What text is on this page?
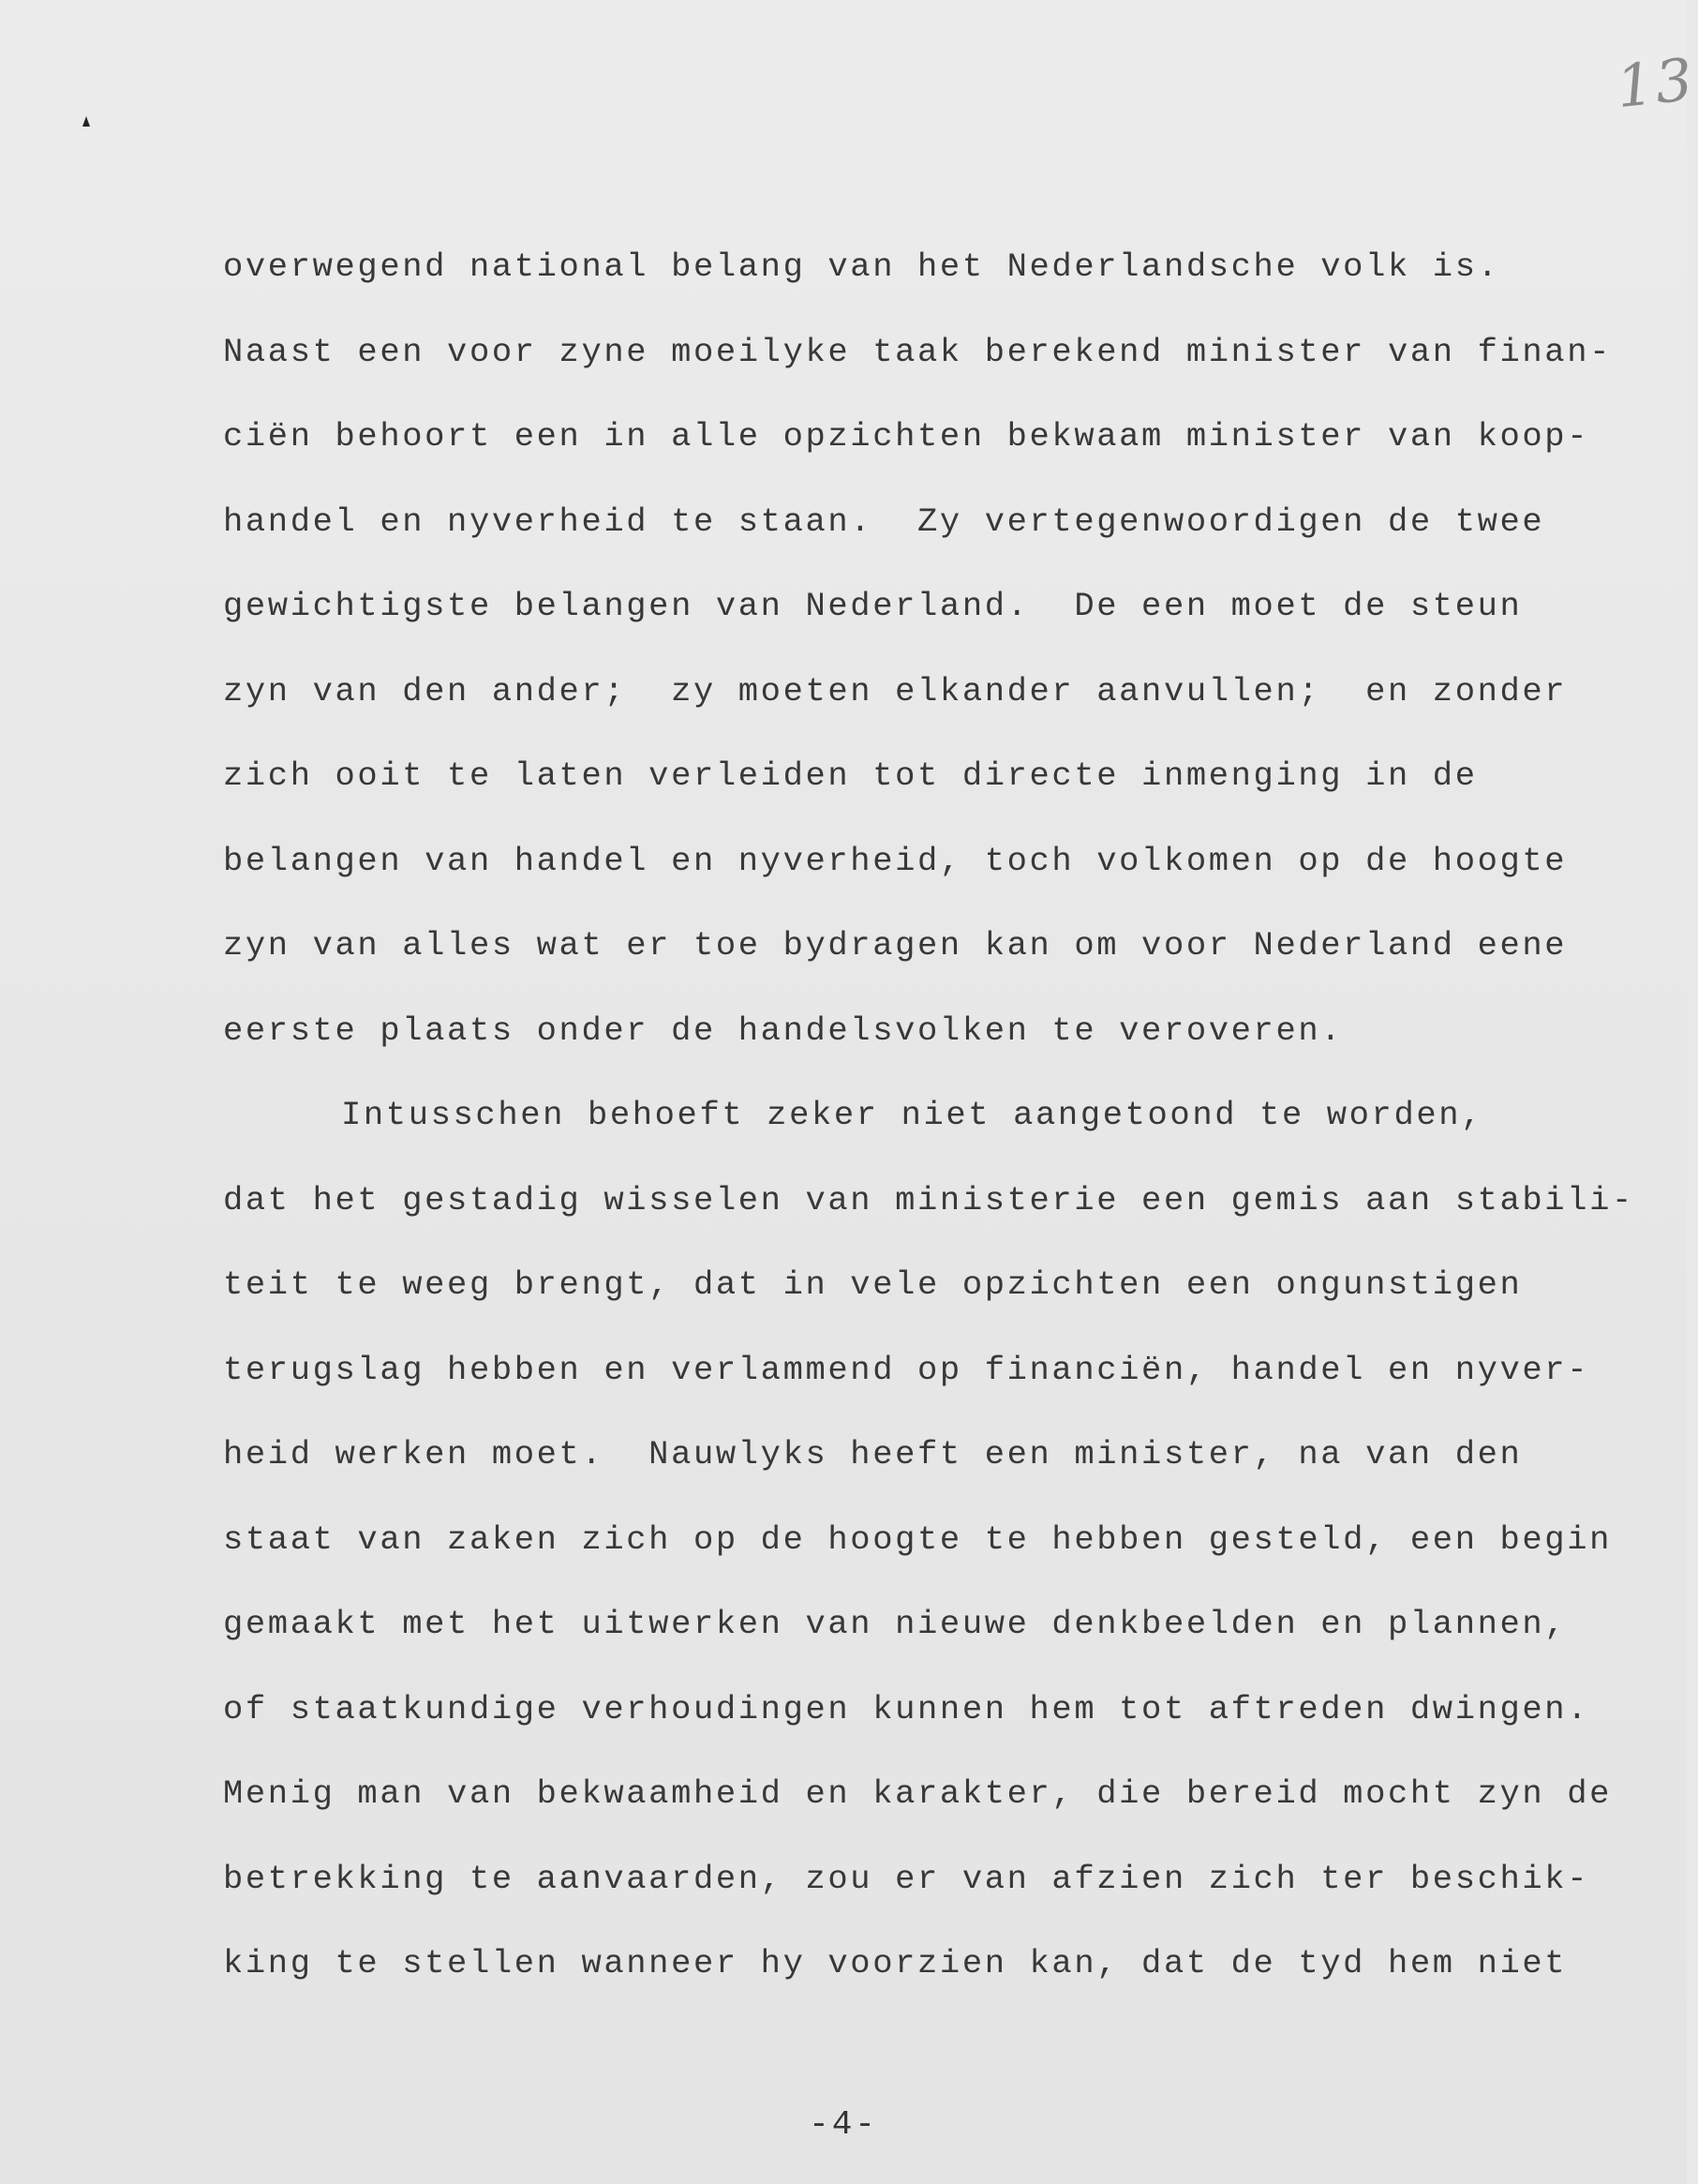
13
overwegend national belang van het Nederlandsche volk is.
Naast een voor zyne moeilyke taak berekend minister van finan-
ciën behoort een in alle opzichten bekwaam minister van koop-
handel en nyverheid te staan.  Zy vertegenwoordigen de twee
gewichtigste belangen van Nederland.  De een moet de steun
zyn van den ander;  zy moeten elkander aanvullen;  en zonder
zich ooit te laten verleiden tot directe inmenging in de
belangen van handel en nyverheid, toch volkomen op de hoogte
zyn van alles wat er toe bydragen kan om voor Nederland eene
eerste plaats onder de handelsvolken te veroveren.
Intusschen behoeft zeker niet aangetoond te worden,
dat het gestadig wisselen van ministerie een gemis aan stabili-
teit te weeg brengt, dat in vele opzichten een ongunstigen
terugslag hebben en verlammend op financiën, handel en nyver-
heid werken moet.  Nauwlyks heeft een minister, na van den
staat van zaken zich op de hoogte te hebben gesteld, een begin
gemaakt met het uitwerken van nieuwe denkbeelden en plannen,
of staatkundige verhoudingen kunnen hem tot aftreden dwingen.
Menig man van bekwaamheid en karakter, die bereid mocht zyn de
betrekking te aanvaarden, zou er van afzien zich ter beschik-
king te stellen wanneer hy voorzien kan, dat de tyd hem niet
-4-
